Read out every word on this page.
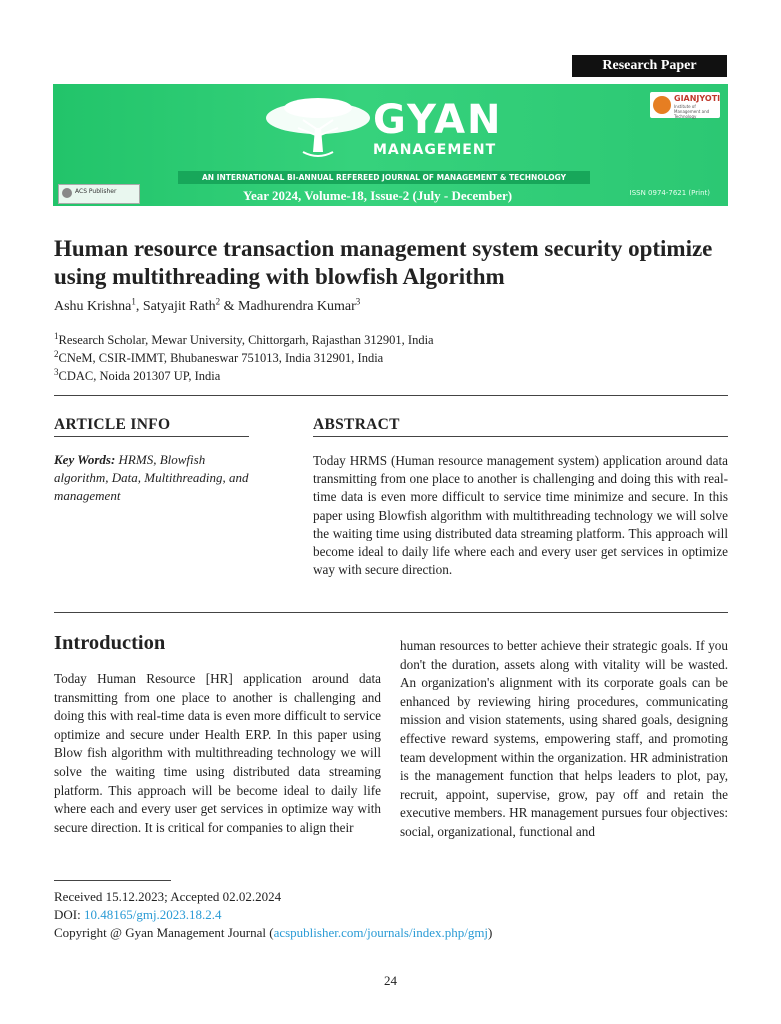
Research Paper
GYAN
MANAGEMENT
AN INTERNATIONAL BI-ANNUAL REFEREED JOURNAL OF MANAGEMENT & TECHNOLOGY
Year 2024, Volume-18, Issue-2 (July - December)	ISSN 0974-7621 (Print)
ACS Publisher
GIANJYOTI
Institute of Management and Technology
Human resource transaction management system security optimize using multithreading with blowfish Algorithm
Ashu Krishna$^1$, Satyajit Rath$^2$ & Madhurendra Kumar$^3$
$^1$Research Scholar, Mewar University, Chittorgarh, Rajasthan 312901, India
$^2$CNeM, CSIR-IMMT, Bhubaneswar 751013, India 312901, India
$^3$CDAC, Noida 201307 UP, India
ARTICLE INFO	ABSTRACT
Key Words: HRMS, Blowfish algorithm, Data, Multithreading, and management
Today HRMS (Human resource management system) application around data transmitting from one place to another is challenging and doing this with real-time data is even more difficult to service time minimize and secure. In this paper using Blowfish algorithm with multithreading technology we will solve the waiting time using distributed data streaming platform. This approach will become ideal to daily life where each and every user get services in optimize way with secure direction.
Introduction
Today Human Resource [HR] application around data transmitting from one place to another is challenging and doing this with real-time data is even more difficult to service optimize and secure under Health ERP. In this paper using Blow fish algorithm with multithreading technology we will solve the waiting time using distributed data streaming platform. This approach will be become ideal to daily life where each and every user get services in optimize way with secure direction. It is critical for companies to align their
human resources to better achieve their strategic goals. If you don't the duration, assets along with vitality will be wasted. An organization's alignment with its corporate goals can be enhanced by reviewing hiring procedures, communicating mission and vision statements, using shared goals, designing effective reward systems, empowering staff, and promoting team development within the organization. HR administration is the management function that helps leaders to plot, pay, recruit, appoint, supervise, grow, pay off and retain the executive members. HR management pursues four objectives: social, organizational, functional and
Received 15.12.2023; Accepted 02.02.2024
DOI: 10.48165/gmj.2023.18.2.4
Copyright @ Gyan Management Journal (acspublisher.com/journals/index.php/gmj)
24
